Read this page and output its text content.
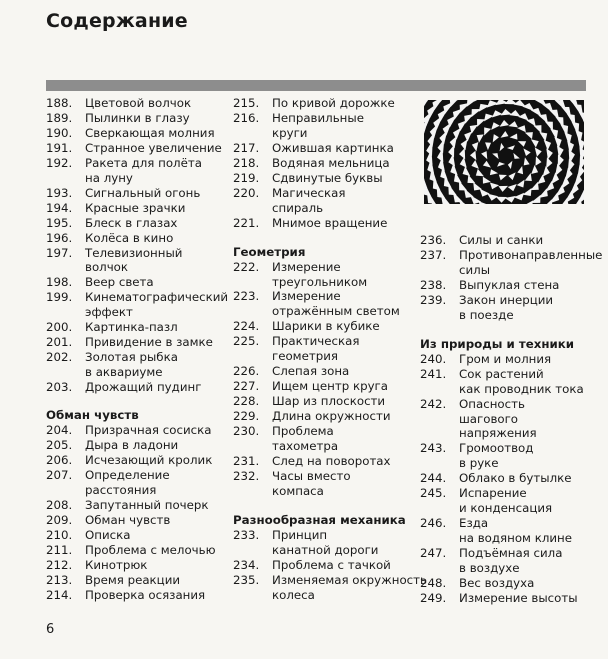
Содержание
188.	Цветовой волчок
189.	Пылинки в глазу
190.	Сверкающая молния
191.	Странное увеличение
192.	Ракета для полёта
на луну
193.	Сигнальный огонь
194.	Красные зрачки
195.	Блеск в глазах
196.	Колёса в кино
197.	Телевизионный
волчок
198.	Веер света
199.	Кинематографический
эффект
200.	Картинка-пазл
201.	Привидение в замке
202.	Золотая рыбка
в аквариуме
203.	Дрожащий пудинг
Обман чувств
204.	Призрачная сосиска
205.	Дыра в ладони
206.	Исчезающий кролик
207.	Определение
расстояния
208.	Запутанный почерк
209.	Обман чувств
210.	Описка
211.	Проблема с мелочью
212.	Кинотрюк
213.	Время реакции
214.	Проверка осязания
215.	По кривой дорожке
216.	Неправильные
круги
217.	Ожившая картинка
218.	Водяная мельница
219.	Сдвинутые буквы
220.	Магическая
спираль
221.	Мнимое вращение
Геометрия
222.	Измерение
треугольником
223.	Измерение
отражённым светом
224.	Шарики в кубике
225.	Практическая
геометрия
226.	Слепая зона
227.	Ищем центр круга
228.	Шар из плоскости
229.	Длина окружности
230.	Проблема
тахометра
231.	След на поворотах
232.	Часы вместо
компаса
Разнообразная механика
233.	Принцип
канатной дороги
234.	Проблема с тачкой
235.	Изменяемая окружность
колеса
236.	Силы и санки
237.	Противонаправленные
силы
238.	Выпуклая стена
239.	Закон инерции
в поезде
Из природы и техники
240.	Гром и молния
241.	Сок растений
как проводник тока
242.	Опасность
шагового
напряжения
243.	Громоотвод
в руке
244.	Облако в бутылке
245.	Испарение
и конденсация
246.	Езда
на водяном клине
247.	Подъёмная сила
в воздухе
248.	Вес воздуха
249.	Измерение высоты
6
